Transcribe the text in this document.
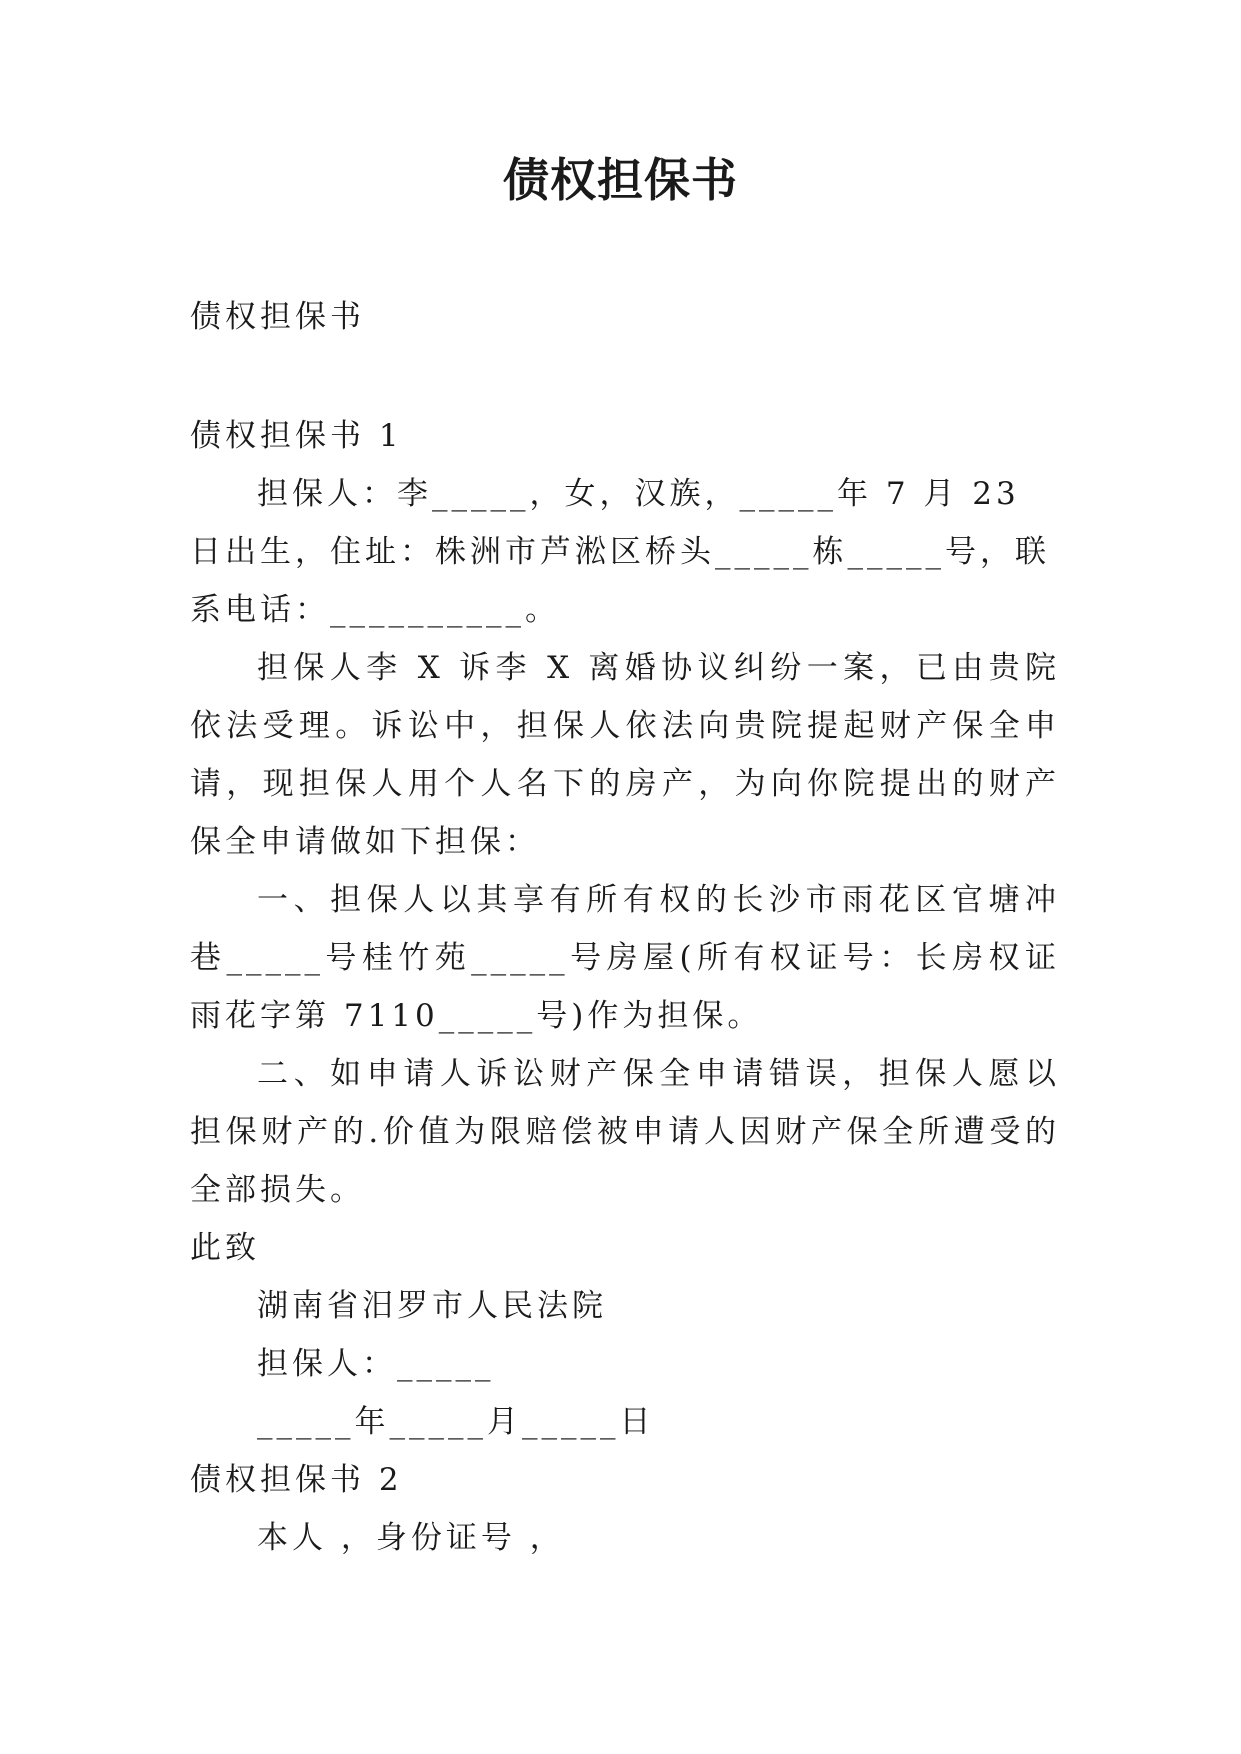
债权担保书

债权担保书

债权担保书 1

担保人：李_____，女，汉族，_____年 7 月 23 日出生，住址：株洲市芦淞区桥头_____栋_____号，联系电话：__________。

担保人李 X 诉李 X 离婚协议纠纷一案，已由贵院依法受理。诉讼中，担保人依法向贵院提起财产保全申请，现担保人用个人名下的房产，为向你院提出的财产保全申请做如下担保：

一、担保人以其享有所有权的长沙市雨花区官塘冲巷_____号桂竹苑_____号房屋(所有权证号：长房权证雨花字第 7110_____号)作为担保。

二、如申请人诉讼财产保全申请错误，担保人愿以担保财产的.价值为限赔偿被申请人因财产保全所遭受的全部损失。

此致

湖南省汨罗市人民法院

担保人：_____

_____年_____月_____日

债权担保书 2

本人 ，身份证号 ，
